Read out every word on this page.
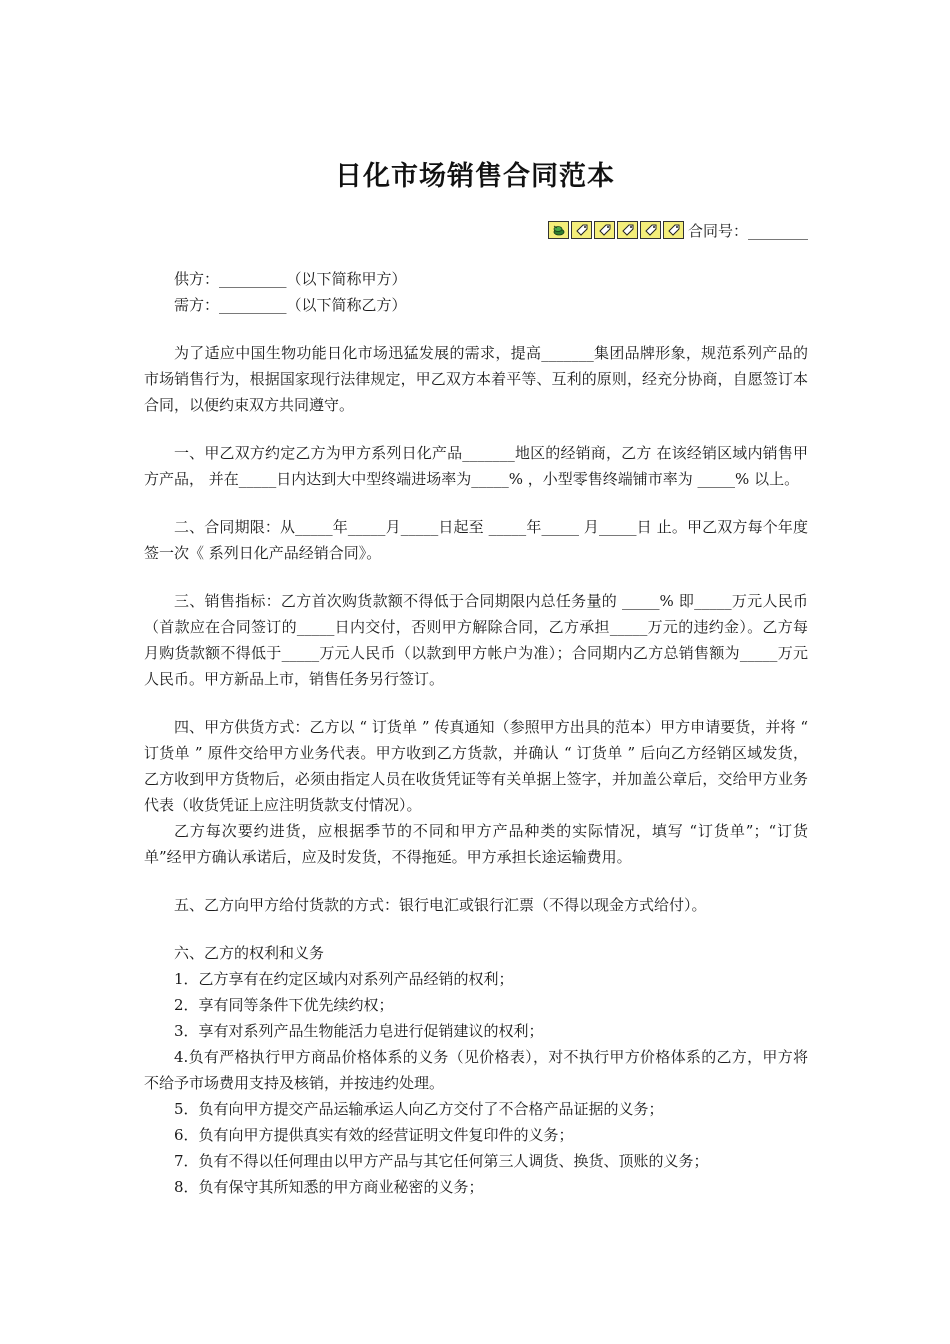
日化市场销售合同范本
合同号：________

供方：_________（以下简称甲方）

需方：_________（以下简称乙方）

为了适应中国生物功能日化市场迅猛发展的需求，提高_______集团品牌形象，规范系列产品的市场销售行为，根据国家现行法律规定，甲乙双方本着平等、互利的原则，经充分协商，自愿签订本合同，以便约束双方共同遵守。

一、甲乙双方约定乙方为甲方系列日化产品_______地区的经销商，乙方 在该经销区域内销售甲方产品， 并在_____日内达到大中型终端进场率为_____% ，小型零售终端铺市率为 _____% 以上。

二、合同期限：从_____年_____月_____日起至 _____年_____ 月_____日 止。甲乙双方每个年度签一次《 系列日化产品经销合同》。

三、销售指标：乙方首次购货款额不得低于合同期限内总任务量的 _____% 即_____万元人民币（首款应在合同签订的_____日内交付，否则甲方解除合同，乙方承担_____万元的违约金）。乙方每月购货款额不得低于_____万元人民币（以款到甲方帐户为准）；合同期内乙方总销售额为_____万元人民币。甲方新品上市，销售任务另行签订。

四、甲方供货方式：乙方以 “ 订货单 ” 传真通知（参照甲方出具的范本）甲方申请要货，并将 “ 订货单 ” 原件交给甲方业务代表。甲方收到乙方货款，并确认 “ 订货单 ” 后向乙方经销区域发货，乙方收到甲方货物后，必须由指定人员在收货凭证等有关单据上签字，并加盖公章后，交给甲方业务代表（收货凭证上应注明货款支付情况）。

乙方每次要约进货，应根据季节的不同和甲方产品种类的实际情况，填写 “订货单”；“订货单”经甲方确认承诺后，应及时发货，不得拖延。甲方承担长途运输费用。

五、乙方向甲方给付货款的方式：银行电汇或银行汇票（不得以现金方式给付）。

六、乙方的权利和义务

1．乙方享有在约定区域内对系列产品经销的权利；

2．享有同等条件下优先续约权；

3．享有对系列产品生物能活力皂进行促销建议的权利；

4.负有严格执行甲方商品价格体系的义务（见价格表），对不执行甲方价格体系的乙方，甲方将不给予市场费用支持及核销，并按违约处理。

5．负有向甲方提交产品运输承运人向乙方交付了不合格产品证据的义务；

6．负有向甲方提供真实有效的经营证明文件复印件的义务；

7．负有不得以任何理由以甲方产品与其它任何第三人调货、换货、顶账的义务；

8．负有保守其所知悉的甲方商业秘密的义务；
